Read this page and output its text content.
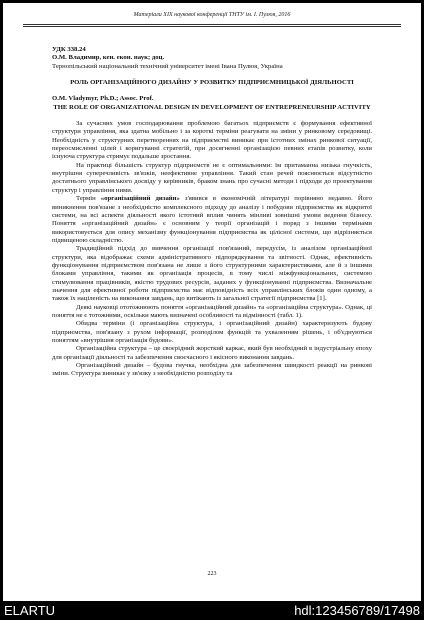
Матеріали ХІХ наукової конференції ТНТУ ім. І. Пулюя, 2016

УДК 338.24

О.М. Владимир, кен. екон. наук; доц.

Тернопільський національний технічний університет імені Івана Пулюя, Україна

РОЛЬ ОРГАНІЗАЦІЙНОГО ДИЗАЙНУ У РОЗВИТКУ ПІДПРИЄМНИЦЬКОЇ ДІЯЛЬНОСТІ

O.M. Vladymyr, Ph.D.; Assoc. Prof.

THE ROLE OF ORGANIZATIONAL DESIGN IN DEVELOPMENT OF ENTREPRENEURSHIP ACTIVITY

За сучасних умов господарювання проблемою багатьох підприємств є формування ефективної структури управління, яка здатна мобільно і за короткі терміни реагувати на зміни у ринковому середовищі. Необхідність у структурних перетвореннях на підприємстві виникає при істотних змінах ринкової ситуації, переосмисленні цілей і коригуванні стратегій, при досягненні організацією певних етапів розвитку, коли існуюча структура стримує подальше зростання.

На практиці більшість структур підприємств не є оптимальними: їм притаманна низька гнучкість, внутрішня суперечливість зв'язків, неефективне управління. Такий стан речей пояснюється відсутністю достатнього управлінського досвіду у керівників, браком знань про сучасні методи і підходи до проектування структур і управління ними.

Термін «організаційний дизайн» з'явився в економічній літературі порівняно недавно. Його виникнення пов'язане з необхідністю комплексного підходу до аналізу і побудови підприємства як відкритої системи, на всі аспекти діяльності якого істотний вплив чинять мінливі зовнішні умови ведення бізнесу. Поняття «організаційний дизайн» є основним у теорії організацій і поряд з іншими термінами використовується для опису механізму функціонування підприємства як цілісної системи, що відрізняється підвищеною складністю.

Традиційний підхід до вивчення організації пов'язаний, передусім, із аналізом організаційної структури, яка відображає схеми адміністративного підпорядкування та звітності. Однак, ефективність функціонування підприємством пов'язана не лише з його структурними характеристиками, але й з іншими блоками управління, такими як організація процесів, в тому числі міжфункціональних, системою стимулювання працівників, якістю трудових ресурсів, заданих у функціонуванні підприємства. Визначальне значення для ефективної роботи підприємства має відповідність всіх управлінських блоків один одному, а також їх націленість на виконання завдань, що витікають із загальної стратегії підприємства [1].

Деякі науковці ототожнюють поняття «організаційний дизайн» та «організаційна структура». Однак, ці поняття не є тотожними, оскільки мають визначені особливості та відмінності (табл. 1).

Обидва терміни (і організаційна структура, і організаційний дизайн) характеризують будову підприємства, пов'язану з рухом інформації, розподілом функцій та ухваленням рішень, і об'єднуються поняттям «внутрішня організація будови».

Організаційна структура – це своєрідний жорсткий каркас, який був необхідний в індустріальну епоху для організації діяльності та забезпечення своєчасного і якісного виконання завдань.

Організаційний дизайн – будова гнучка, необхідна для забезпечення швидкості реакції на ринкові зміни. Структура виникає у зв'язку з необхідністю розподілу та

223
ELARTU	hdl:123456789/17498
